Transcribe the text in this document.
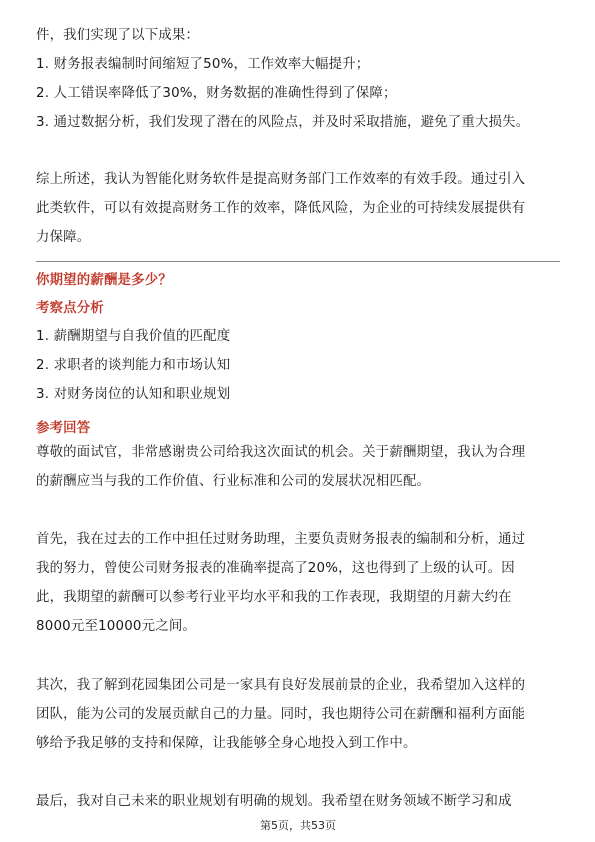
件，我们实现了以下成果：
1. 财务报表编制时间缩短了50%，工作效率大幅提升；
2. 人工错误率降低了30%，财务数据的准确性得到了保障；
3. 通过数据分析，我们发现了潜在的风险点，并及时采取措施，避免了重大损失。
综上所述，我认为智能化财务软件是提高财务部门工作效率的有效手段。通过引入
此类软件，可以有效提高财务工作的效率，降低风险，为企业的可持续发展提供有
力保障。
你期望的薪酬是多少？
考察点分析
1. 薪酬期望与自我价值的匹配度
2. 求职者的谈判能力和市场认知
3. 对财务岗位的认知和职业规划
参考回答
尊敬的面试官，非常感谢贵公司给我这次面试的机会。关于薪酬期望，我认为合理
的薪酬应当与我的工作价值、行业标准和公司的发展状况相匹配。
首先，我在过去的工作中担任过财务助理，主要负责财务报表的编制和分析，通过
我的努力，曾使公司财务报表的准确率提高了20%，这也得到了上级的认可。因
此，我期望的薪酬可以参考行业平均水平和我的工作表现，我期望的月薪大约在
8000元至10000元之间。
其次，我了解到花园集团公司是一家具有良好发展前景的企业，我希望加入这样的
团队，能为公司的发展贡献自己的力量。同时，我也期待公司在薪酬和福利方面能
够给予我足够的支持和保障，让我能够全身心地投入到工作中。
最后，我对自己未来的职业规划有明确的规划。我希望在财务领域不断学习和成
第5页，共53页
